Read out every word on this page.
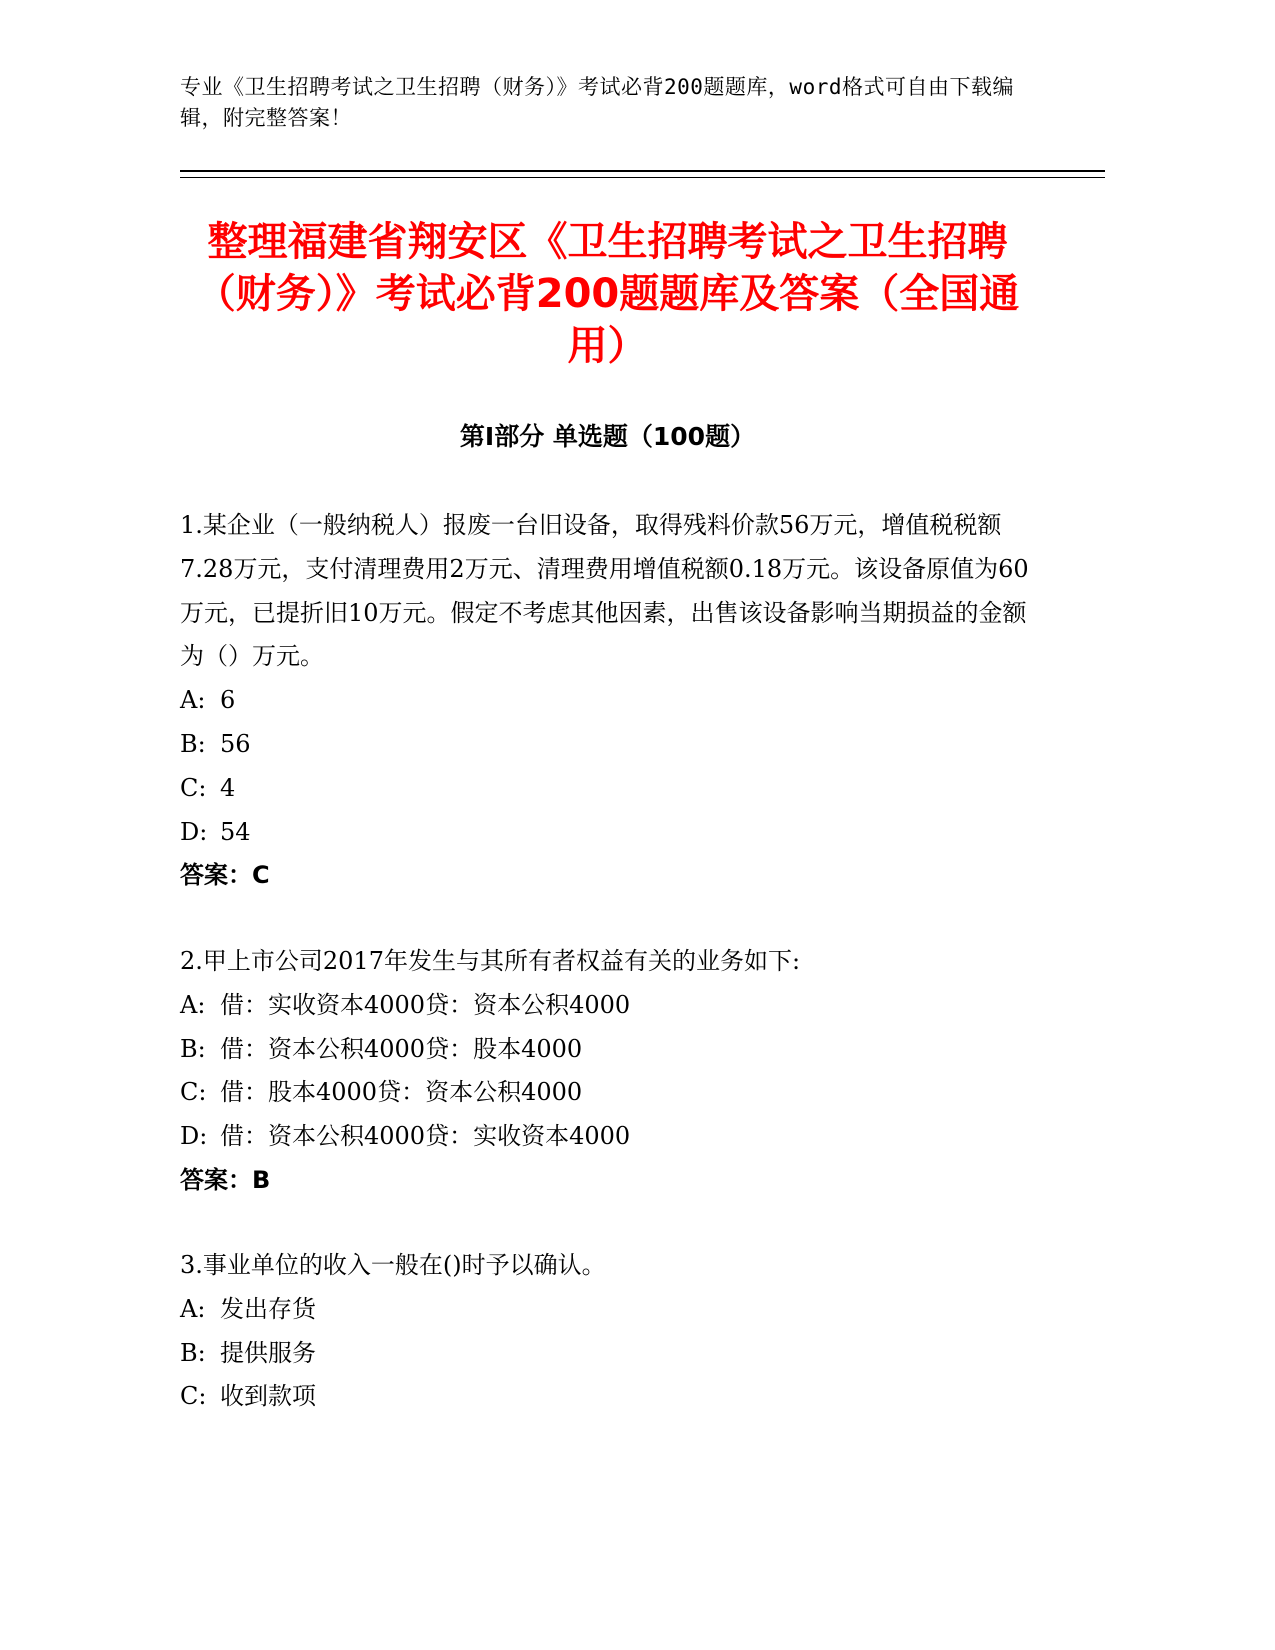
专业《卫生招聘考试之卫生招聘（财务）》考试必背200题题库，word格式可自由下载编辑，附完整答案！
整理福建省翔安区《卫生招聘考试之卫生招聘（财务）》考试必背200题题库及答案（全国通用）
第Ⅰ部分 单选题（100题）

1.某企业（一般纳税人）报废一台旧设备，取得残料价款56万元，增值税税额7.28万元，支付清理费用2万元、清理费用增值税额0.18万元。该设备原值为60万元，已提折旧10万元。假定不考虑其他因素，出售该设备影响当期损益的金额为（）万元。

A: 6

B: 56

C: 4

D: 54

答案：C

2.甲上市公司2017年发生与其所有者权益有关的业务如下:

A: 借：实收资本4000贷：资本公积4000

B: 借：资本公积4000贷：股本4000

C: 借：股本4000贷：资本公积4000

D: 借：资本公积4000贷：实收资本4000

答案：B

3.事业单位的收入一般在()时予以确认。

A: 发出存货

B: 提供服务

C: 收到款项
